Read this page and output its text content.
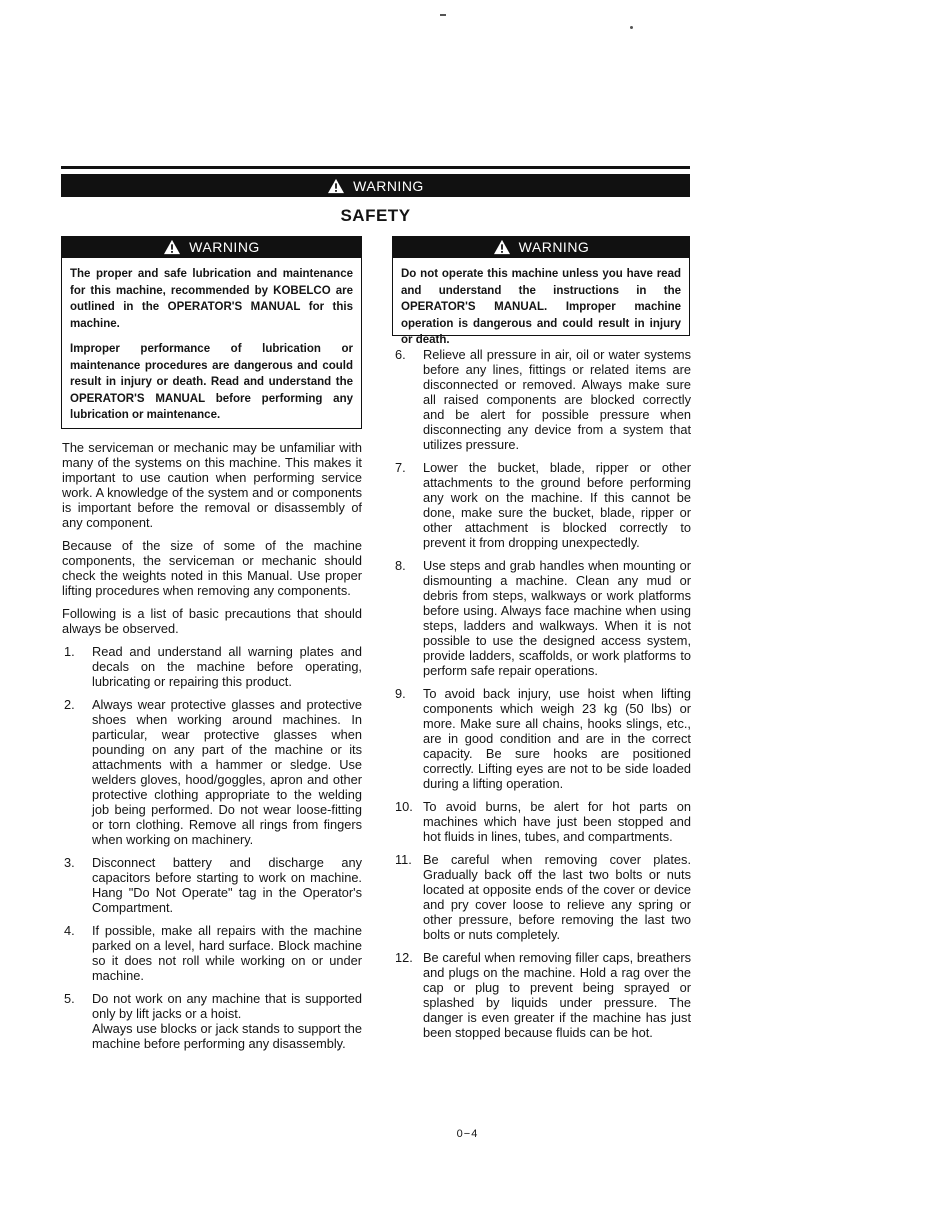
WARNING
SAFETY
WARNING

The proper and safe lubrication and maintenance for this machine, recommended by KOBELCO are outlined in the OPERATOR'S MANUAL for this machine.

Improper performance of lubrication or maintenance procedures are dangerous and could result in injury or death. Read and understand the OPERATOR'S MANUAL before performing any lubrication or maintenance.

WARNING

Do not operate this machine unless you have read and understand the instructions in the OPERATOR'S MANUAL. Improper machine operation is dangerous and could result in injury or death.

The serviceman or mechanic may be unfamiliar with many of the systems on this machine. This makes it important to use caution when performing service work. A knowledge of the system and or components is important before the removal or disassembly of any component.

Because of the size of some of the machine components, the serviceman or mechanic should check the weights noted in this Manual. Use proper lifting procedures when removing any components.

Following is a list of basic precautions that should always be observed.

1.	Read and understand all warning plates and decals on the machine before operating, lubricating or repairing this product.
2.	Always wear protective glasses and protective shoes when working around machines. In particular, wear protective glasses when pounding on any part of the machine or its attachments with a hammer or sledge. Use welders gloves, hood/goggles, apron and other protective clothing appropriate to the welding job being performed. Do not wear loose-fitting or torn clothing. Remove all rings from fingers when working on machinery.
3.	Disconnect battery and discharge any capacitors before starting to work on machine. Hang "Do Not Operate" tag in the Operator's Compartment.
4.	If possible, make all repairs with the machine parked on a level, hard surface. Block machine so it does not roll while working on or under machine.
5.	Do not work on any machine that is supported only by lift jacks or a hoist.
Always use blocks or jack stands to support the machine before performing any disassembly.
6.	Relieve all pressure in air, oil or water systems before any lines, fittings or related items are disconnected or removed. Always make sure all raised components are blocked correctly and be alert for possible pressure when disconnecting any device from a system that utilizes pressure.
7.	Lower the bucket, blade, ripper or other attachments to the ground before performing any work on the machine. If this cannot be done, make sure the bucket, blade, ripper or other attachment is blocked correctly to prevent it from dropping unexpectedly.
8.	Use steps and grab handles when mounting or dismounting a machine. Clean any mud or debris from steps, walkways or work platforms before using. Always face machine when using steps, ladders and walkways. When it is not possible to use the designed access system, provide ladders, scaffolds, or work platforms to perform safe repair operations.
9.	To avoid back injury, use hoist when lifting components which weigh 23 kg (50 lbs) or more. Make sure all chains, hooks slings, etc., are in good condition and are in the correct capacity. Be sure hooks are positioned correctly. Lifting eyes are not to be side loaded during a lifting operation.
10. To avoid burns, be alert for hot parts on machines which have just been stopped and hot fluids in lines, tubes, and compartments.
11. Be careful when removing cover plates. Gradually back off the last two bolts or nuts located at opposite ends of the cover or device and pry cover loose to relieve any spring or other pressure, before removing the last two bolts or nuts completely.
12. Be careful when removing filler caps, breathers and plugs on the machine. Hold a rag over the cap or plug to prevent being sprayed or splashed by liquids under pressure. The danger is even greater if the machine has just been stopped because fluids can be hot.
0−4
